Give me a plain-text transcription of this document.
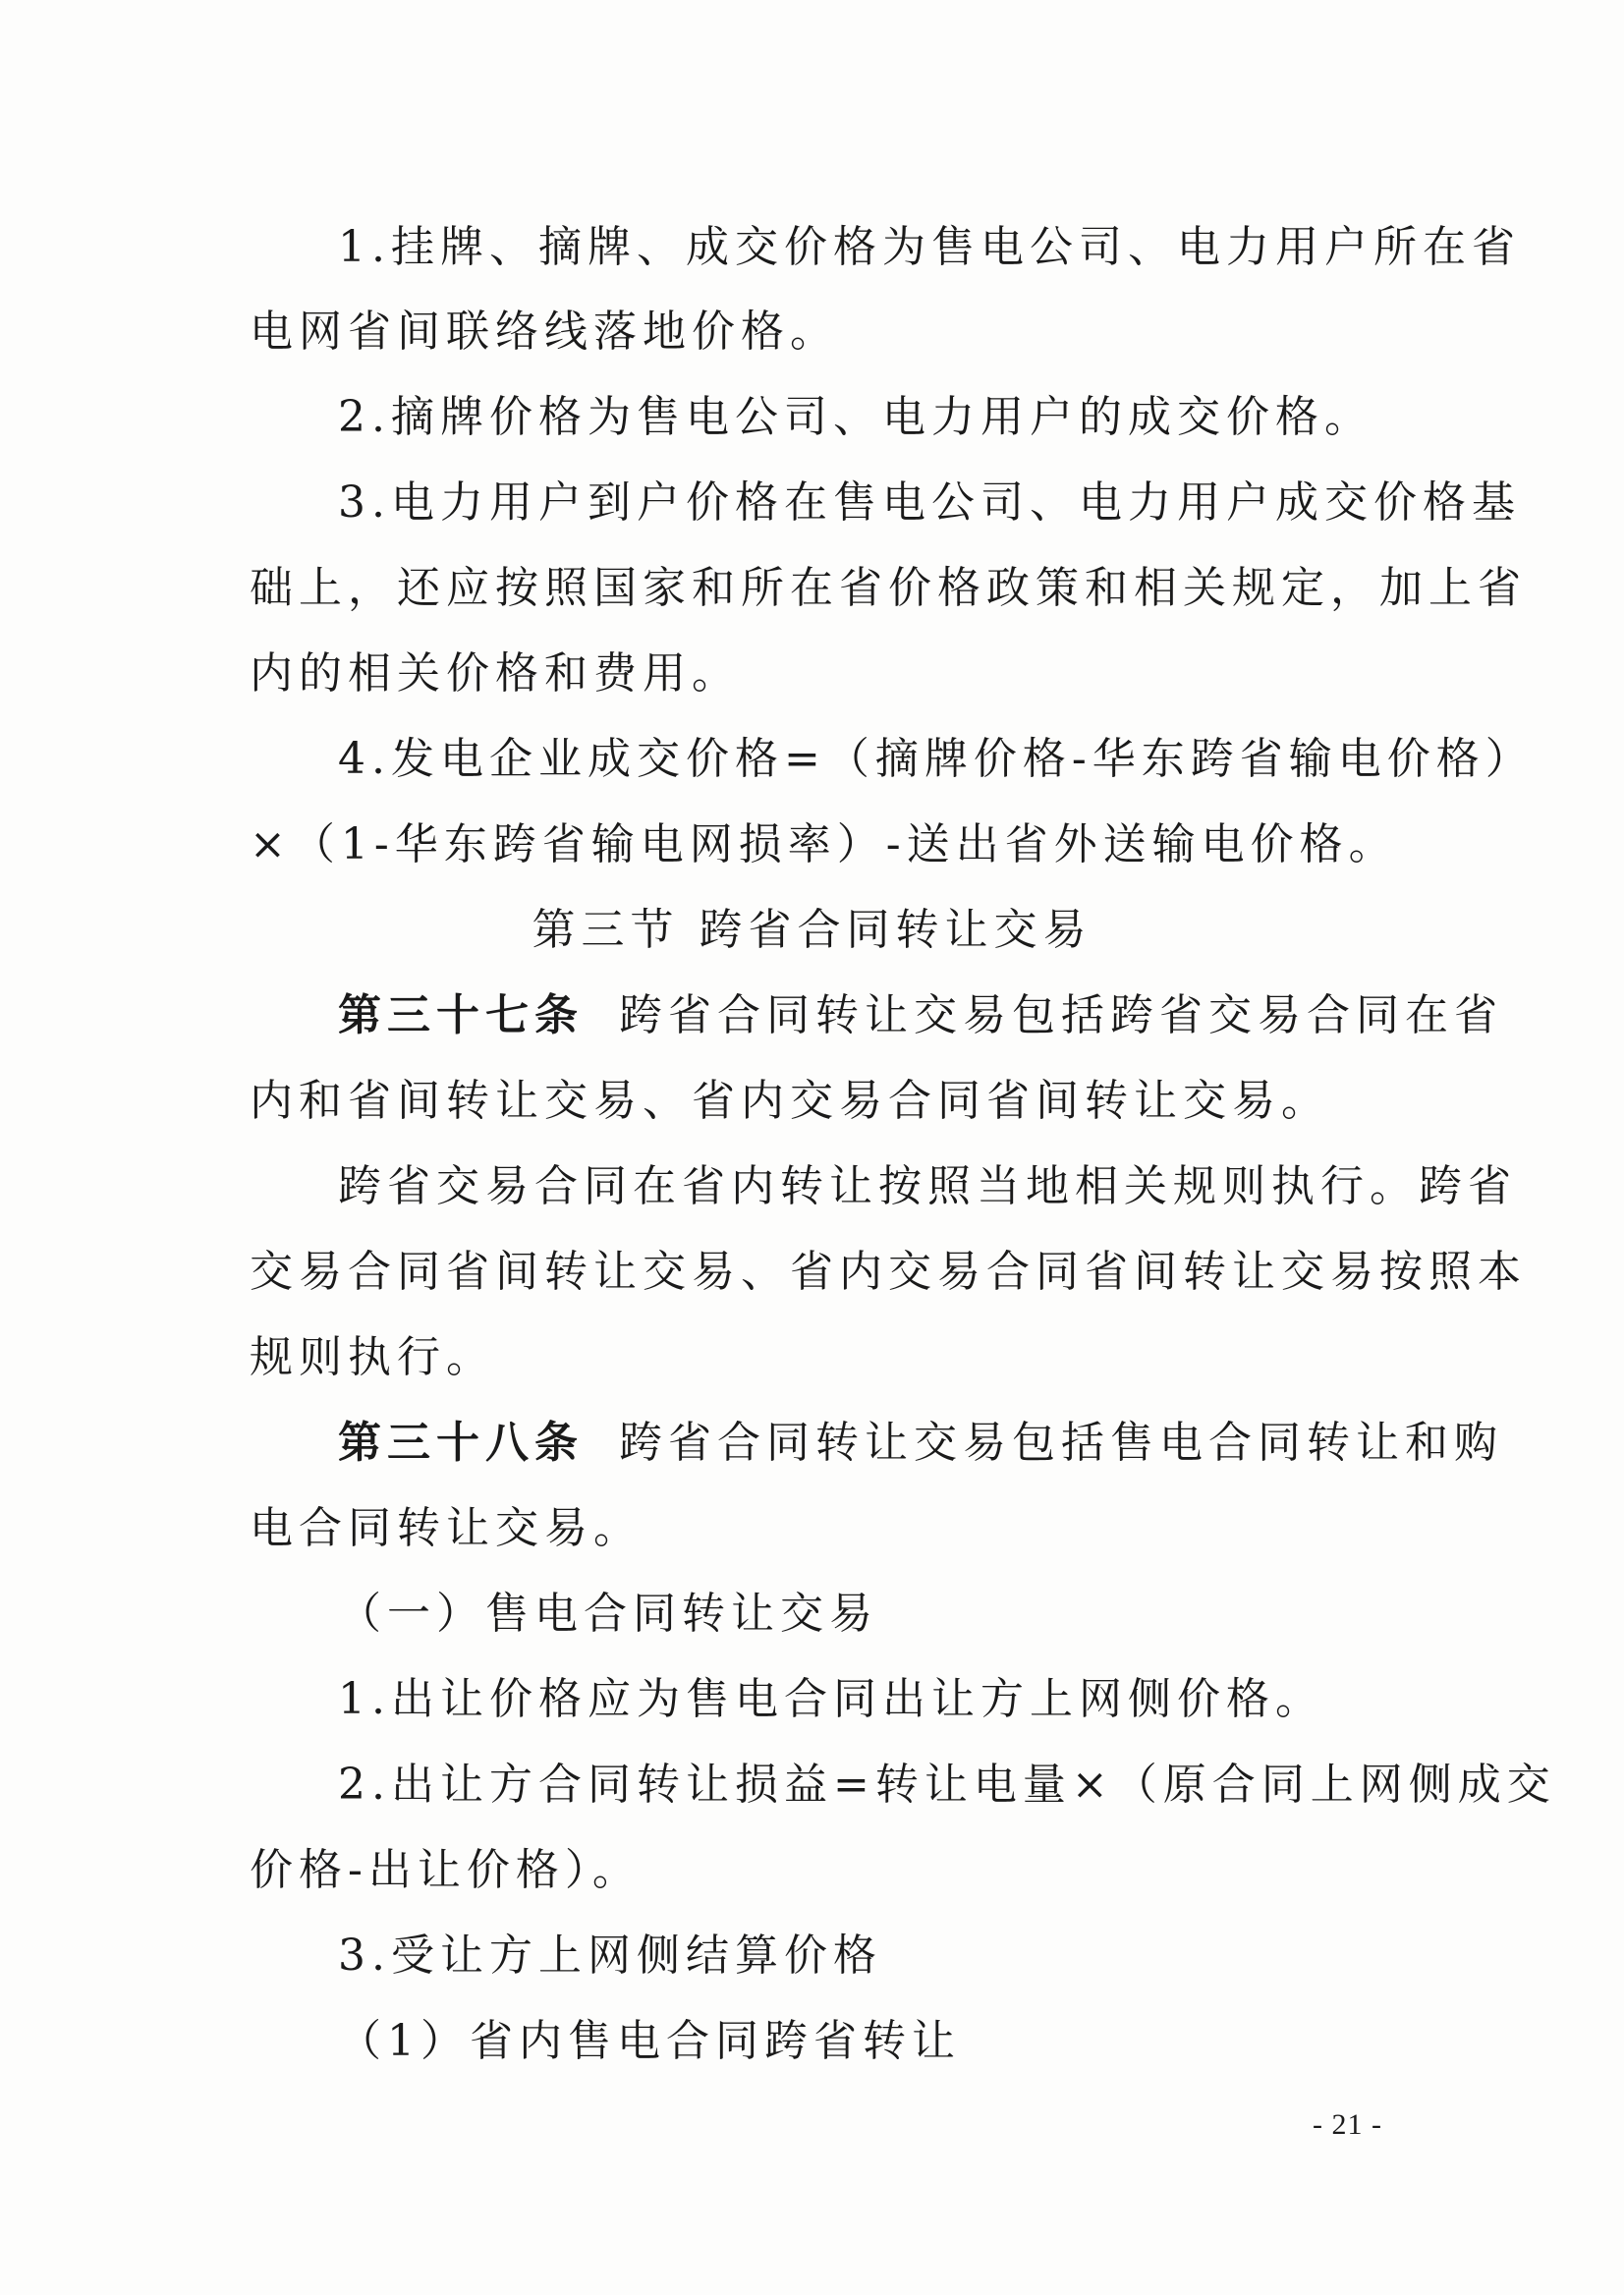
1.挂牌、摘牌、成交价格为售电公司、电力用户所在省
电网省间联络线落地价格。
2.摘牌价格为售电公司、电力用户的成交价格。
3.电力用户到户价格在售电公司、电力用户成交价格基
础上，还应按照国家和所在省价格政策和相关规定，加上省
内的相关价格和费用。
4.发电企业成交价格=（摘牌价格-华东跨省输电价格）
×（1-华东跨省输电网损率）-送出省外送输电价格。
第三节 跨省合同转让交易
第三十七条 跨省合同转让交易包括跨省交易合同在省
内和省间转让交易、省内交易合同省间转让交易。
跨省交易合同在省内转让按照当地相关规则执行。跨省
交易合同省间转让交易、省内交易合同省间转让交易按照本
规则执行。
第三十八条 跨省合同转让交易包括售电合同转让和购
电合同转让交易。
（一）售电合同转让交易
1.出让价格应为售电合同出让方上网侧价格。
2.出让方合同转让损益=转让电量×（原合同上网侧成交
价格-出让价格）。
3.受让方上网侧结算价格
（1）省内售电合同跨省转让
- 21 -
